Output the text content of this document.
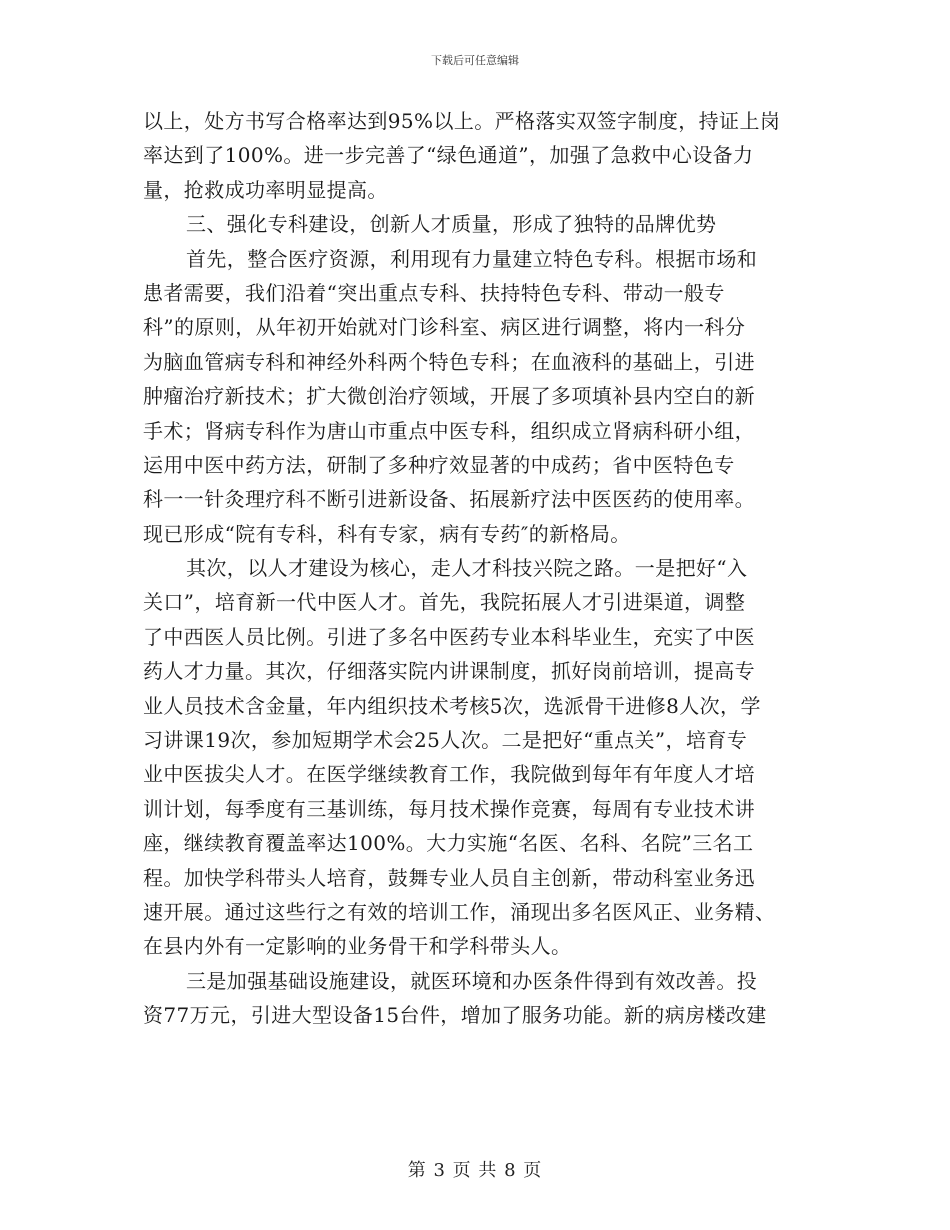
下载后可任意编辑
以上，处方书写合格率达到95%以上。严格落实双签字制度，持证上岗
率达到了100%。进一步完善了“绿色通道”，加强了急救中心设备力
量，抢救成功率明显提高。
三、强化专科建设，创新人才质量，形成了独特的品牌优势
首先，整合医疗资源，利用现有力量建立特色专科。根据市场和
患者需要，我们沿着“突出重点专科、扶持特色专科、带动一般专
科”的原则，从年初开始就对门诊科室、病区进行调整，将内一科分
为脑血管病专科和神经外科两个特色专科；在血液科的基础上，引进
肿瘤治疗新技术；扩大微创治疗领域，开展了多项填补县内空白的新
手术；肾病专科作为唐山市重点中医专科，组织成立肾病科研小组，
运用中医中药方法，研制了多种疗效显著的中成药；省中医特色专
科一一针灸理疗科不断引进新设备、拓展新疗法中医医药的使用率。
现已形成“院有专科，科有专家，病有专药″的新格局。
其次，以人才建设为核心，走人才科技兴院之路。一是把好“入
关口”，培育新一代中医人才。首先，我院拓展人才引进渠道，调整
了中西医人员比例。引进了多名中医药专业本科毕业生，充实了中医
药人才力量。其次，仔细落实院内讲课制度，抓好岗前培训，提高专
业人员技术含金量，年内组织技术考核5次，选派骨干进修8人次，学
习讲课19次，参加短期学术会25人次。二是把好“重点关”，培育专
业中医拔尖人才。在医学继续教育工作，我院做到每年有年度人才培
训计划，每季度有三基训练，每月技术操作竞赛，每周有专业技术讲
座，继续教育覆盖率达100%。大力实施“名医、名科、名院”三名工
程。加快学科带头人培育，鼓舞专业人员自主创新，带动科室业务迅
速开展。通过这些行之有效的培训工作，涌现出多名医风正、业务精、
在县内外有一定影响的业务骨干和学科带头人。
三是加强基础设施建设，就医环境和办医条件得到有效改善。投
资77万元，引进大型设备15台件，增加了服务功能。新的病房楼改建
第 3 页 共 8 页
